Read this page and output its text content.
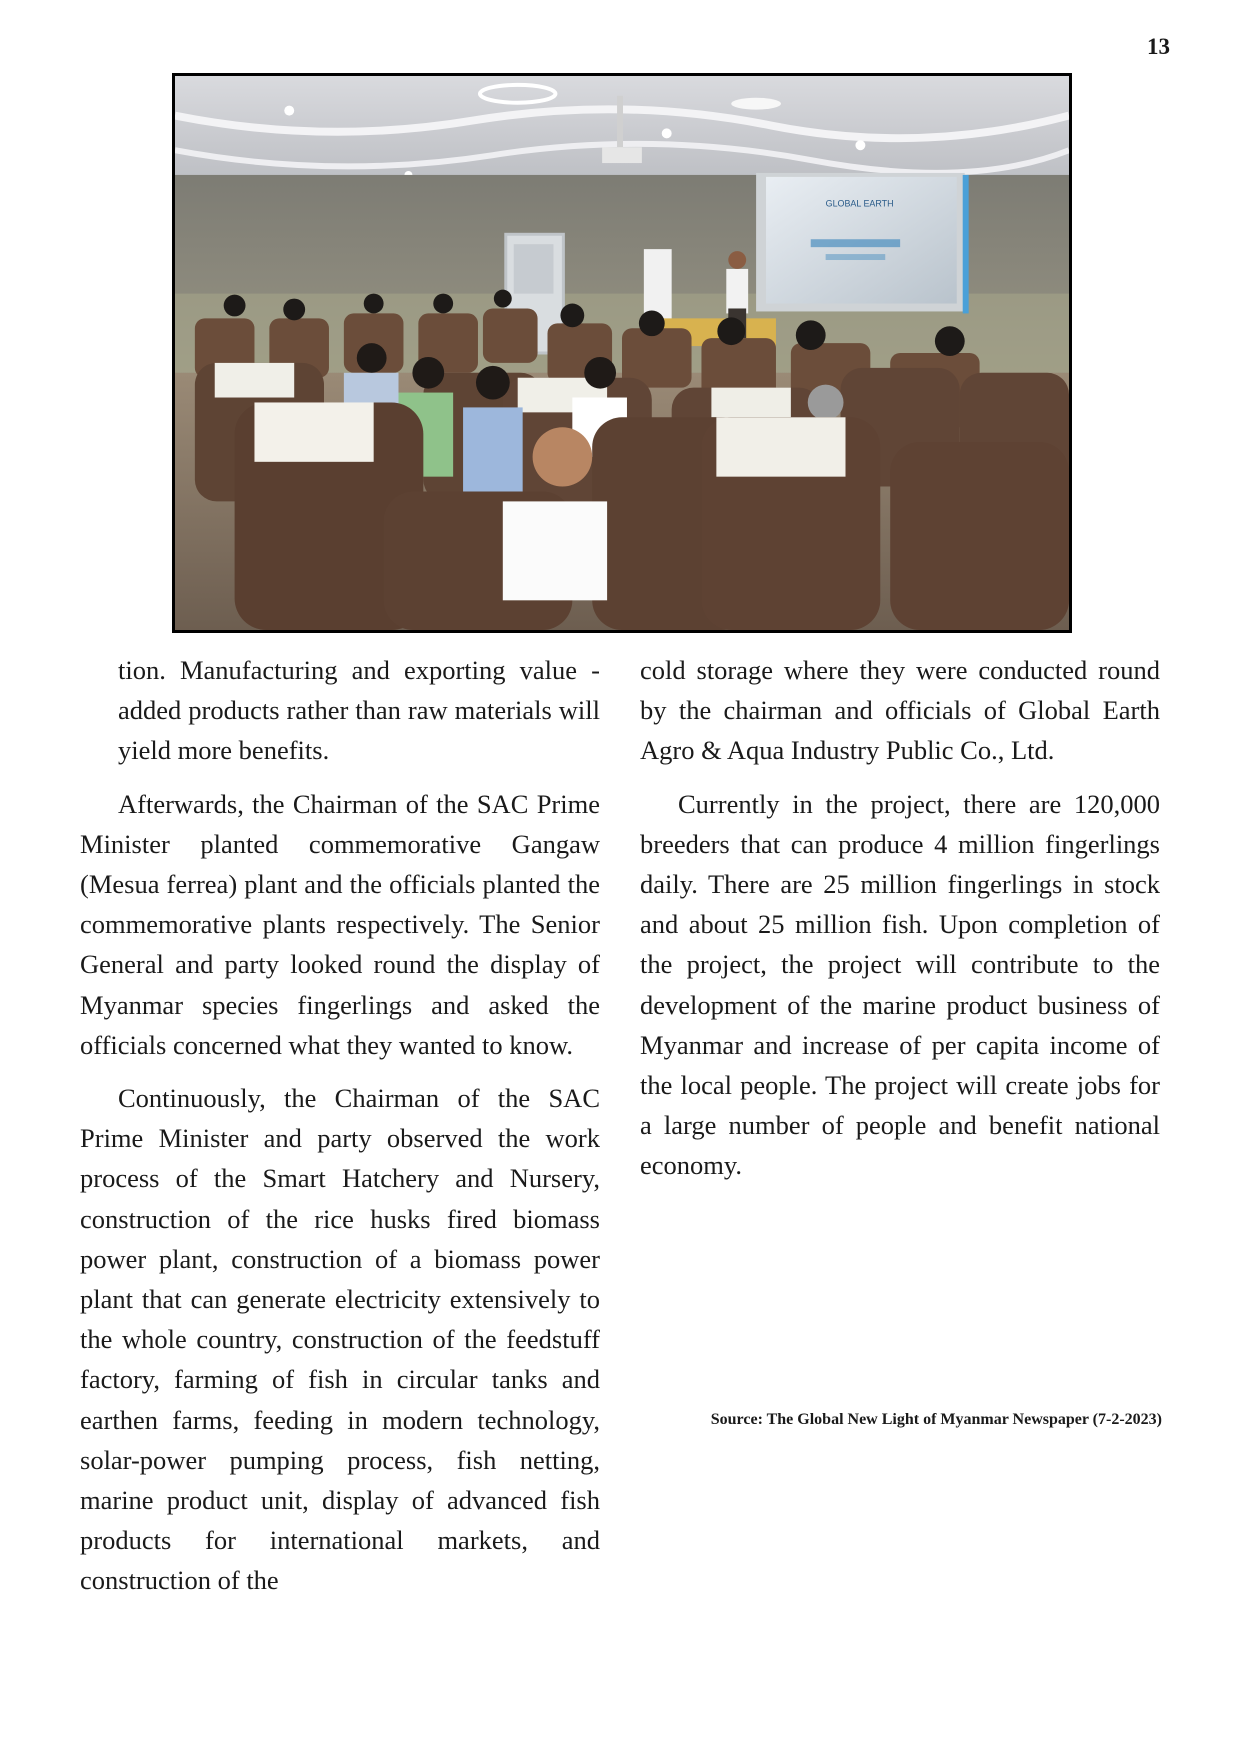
13
GLOBAL EARTH

tion. Manufacturing and exporting value -added products rather than raw materials will yield more benefits.

Afterwards, the Chairman of the SAC Prime Minister planted commemorative Gangaw (Mesua ferrea) plant and the officials planted the commemorative plants respectively. The Senior General and party looked round the display of Myanmar species fingerlings and asked the officials concerned what they wanted to know.

Continuously, the Chairman of the SAC Prime Minister and party observed the work process of the Smart Hatchery and Nursery, construction of the rice husks fired biomass power plant, construction of a biomass power plant that can generate electricity extensively to the whole country, construction of the feedstuff factory, farming of fish in circular tanks and earthen farms, feeding in modern technology, solar-power pumping process, fish netting, marine product unit, display of advanced fish products for international markets, and construction of the

cold storage where they were conducted round by the chairman and officials of Global Earth Agro & Aqua Industry Public Co., Ltd.

Currently in the project, there are 120,000 breeders that can produce 4 million fingerlings daily. There are 25 million fingerlings in stock and about 25 million fish. Upon completion of the project, the project will contribute to the development of the marine product business of Myanmar and increase of per capita income of the local people. The project will create jobs for a large number of people and benefit national economy.

Source: The Global New Light of Myanmar Newspaper (7-2-2023)
